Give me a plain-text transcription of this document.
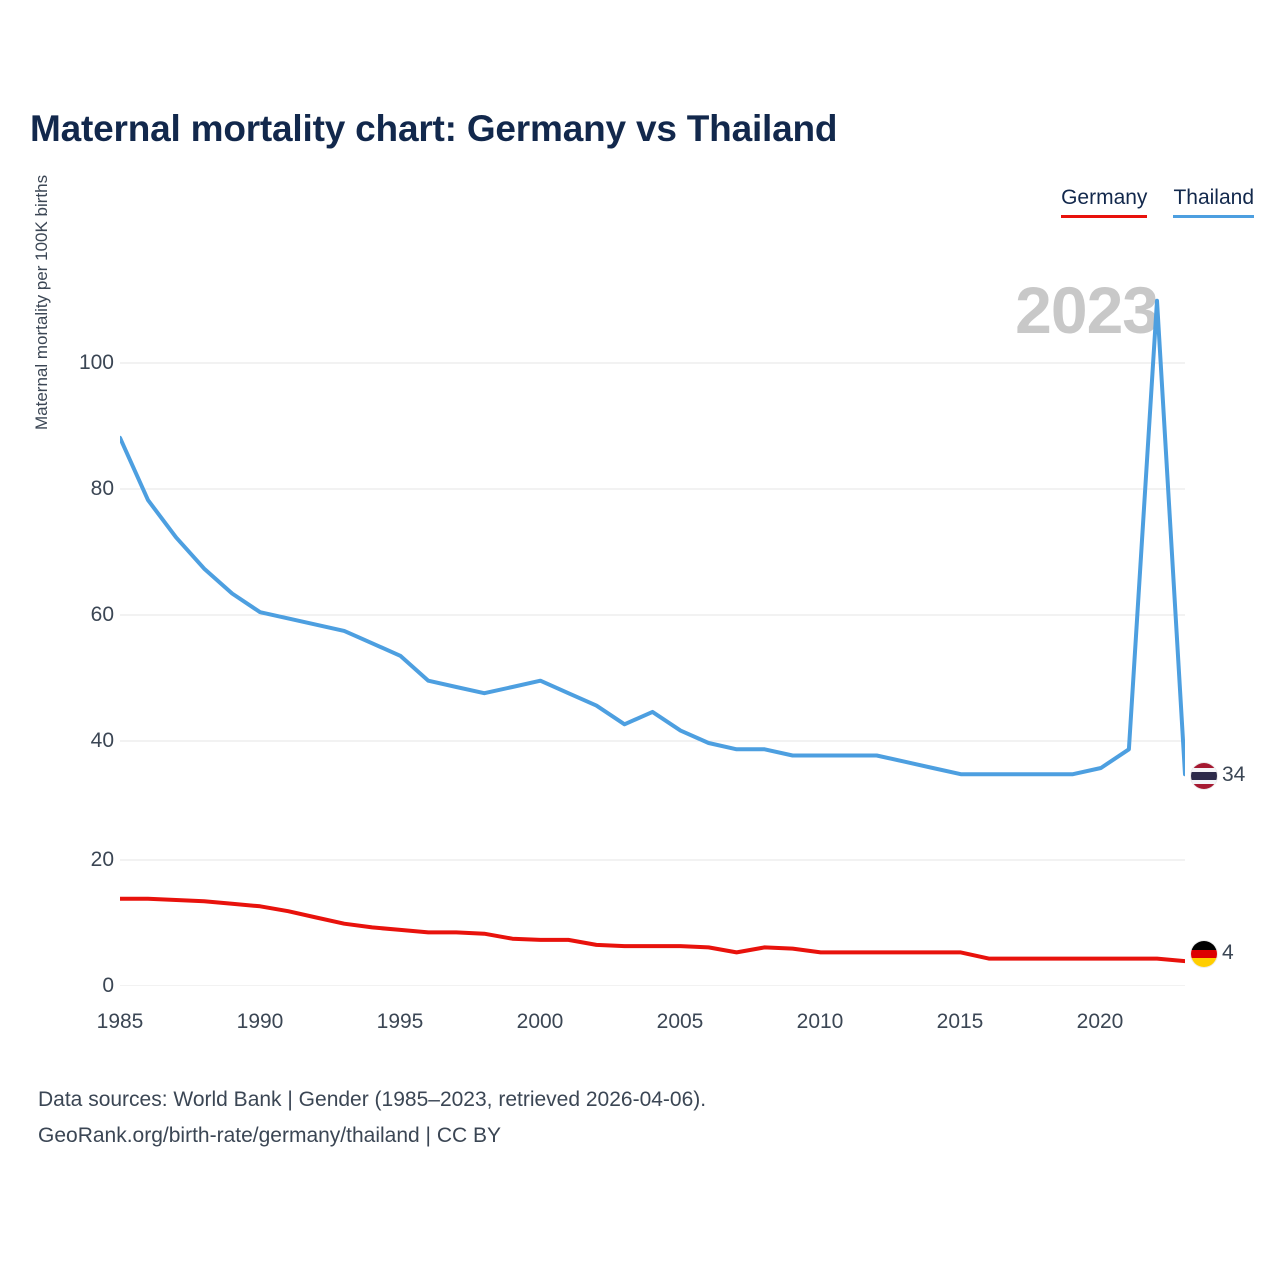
Maternal mortality chart: Germany vs Thailand
Germany Thailand
2023
Maternal mortality per 100K births	100
80
60
40
20
0
1985	1990	1995	2000	2005	2010	2015	2020
34
4
Data sources: World Bank | Gender (1985–2023, retrieved 2026-04-06).
GeoRank.org/birth-rate/germany/thailand | CC BY
